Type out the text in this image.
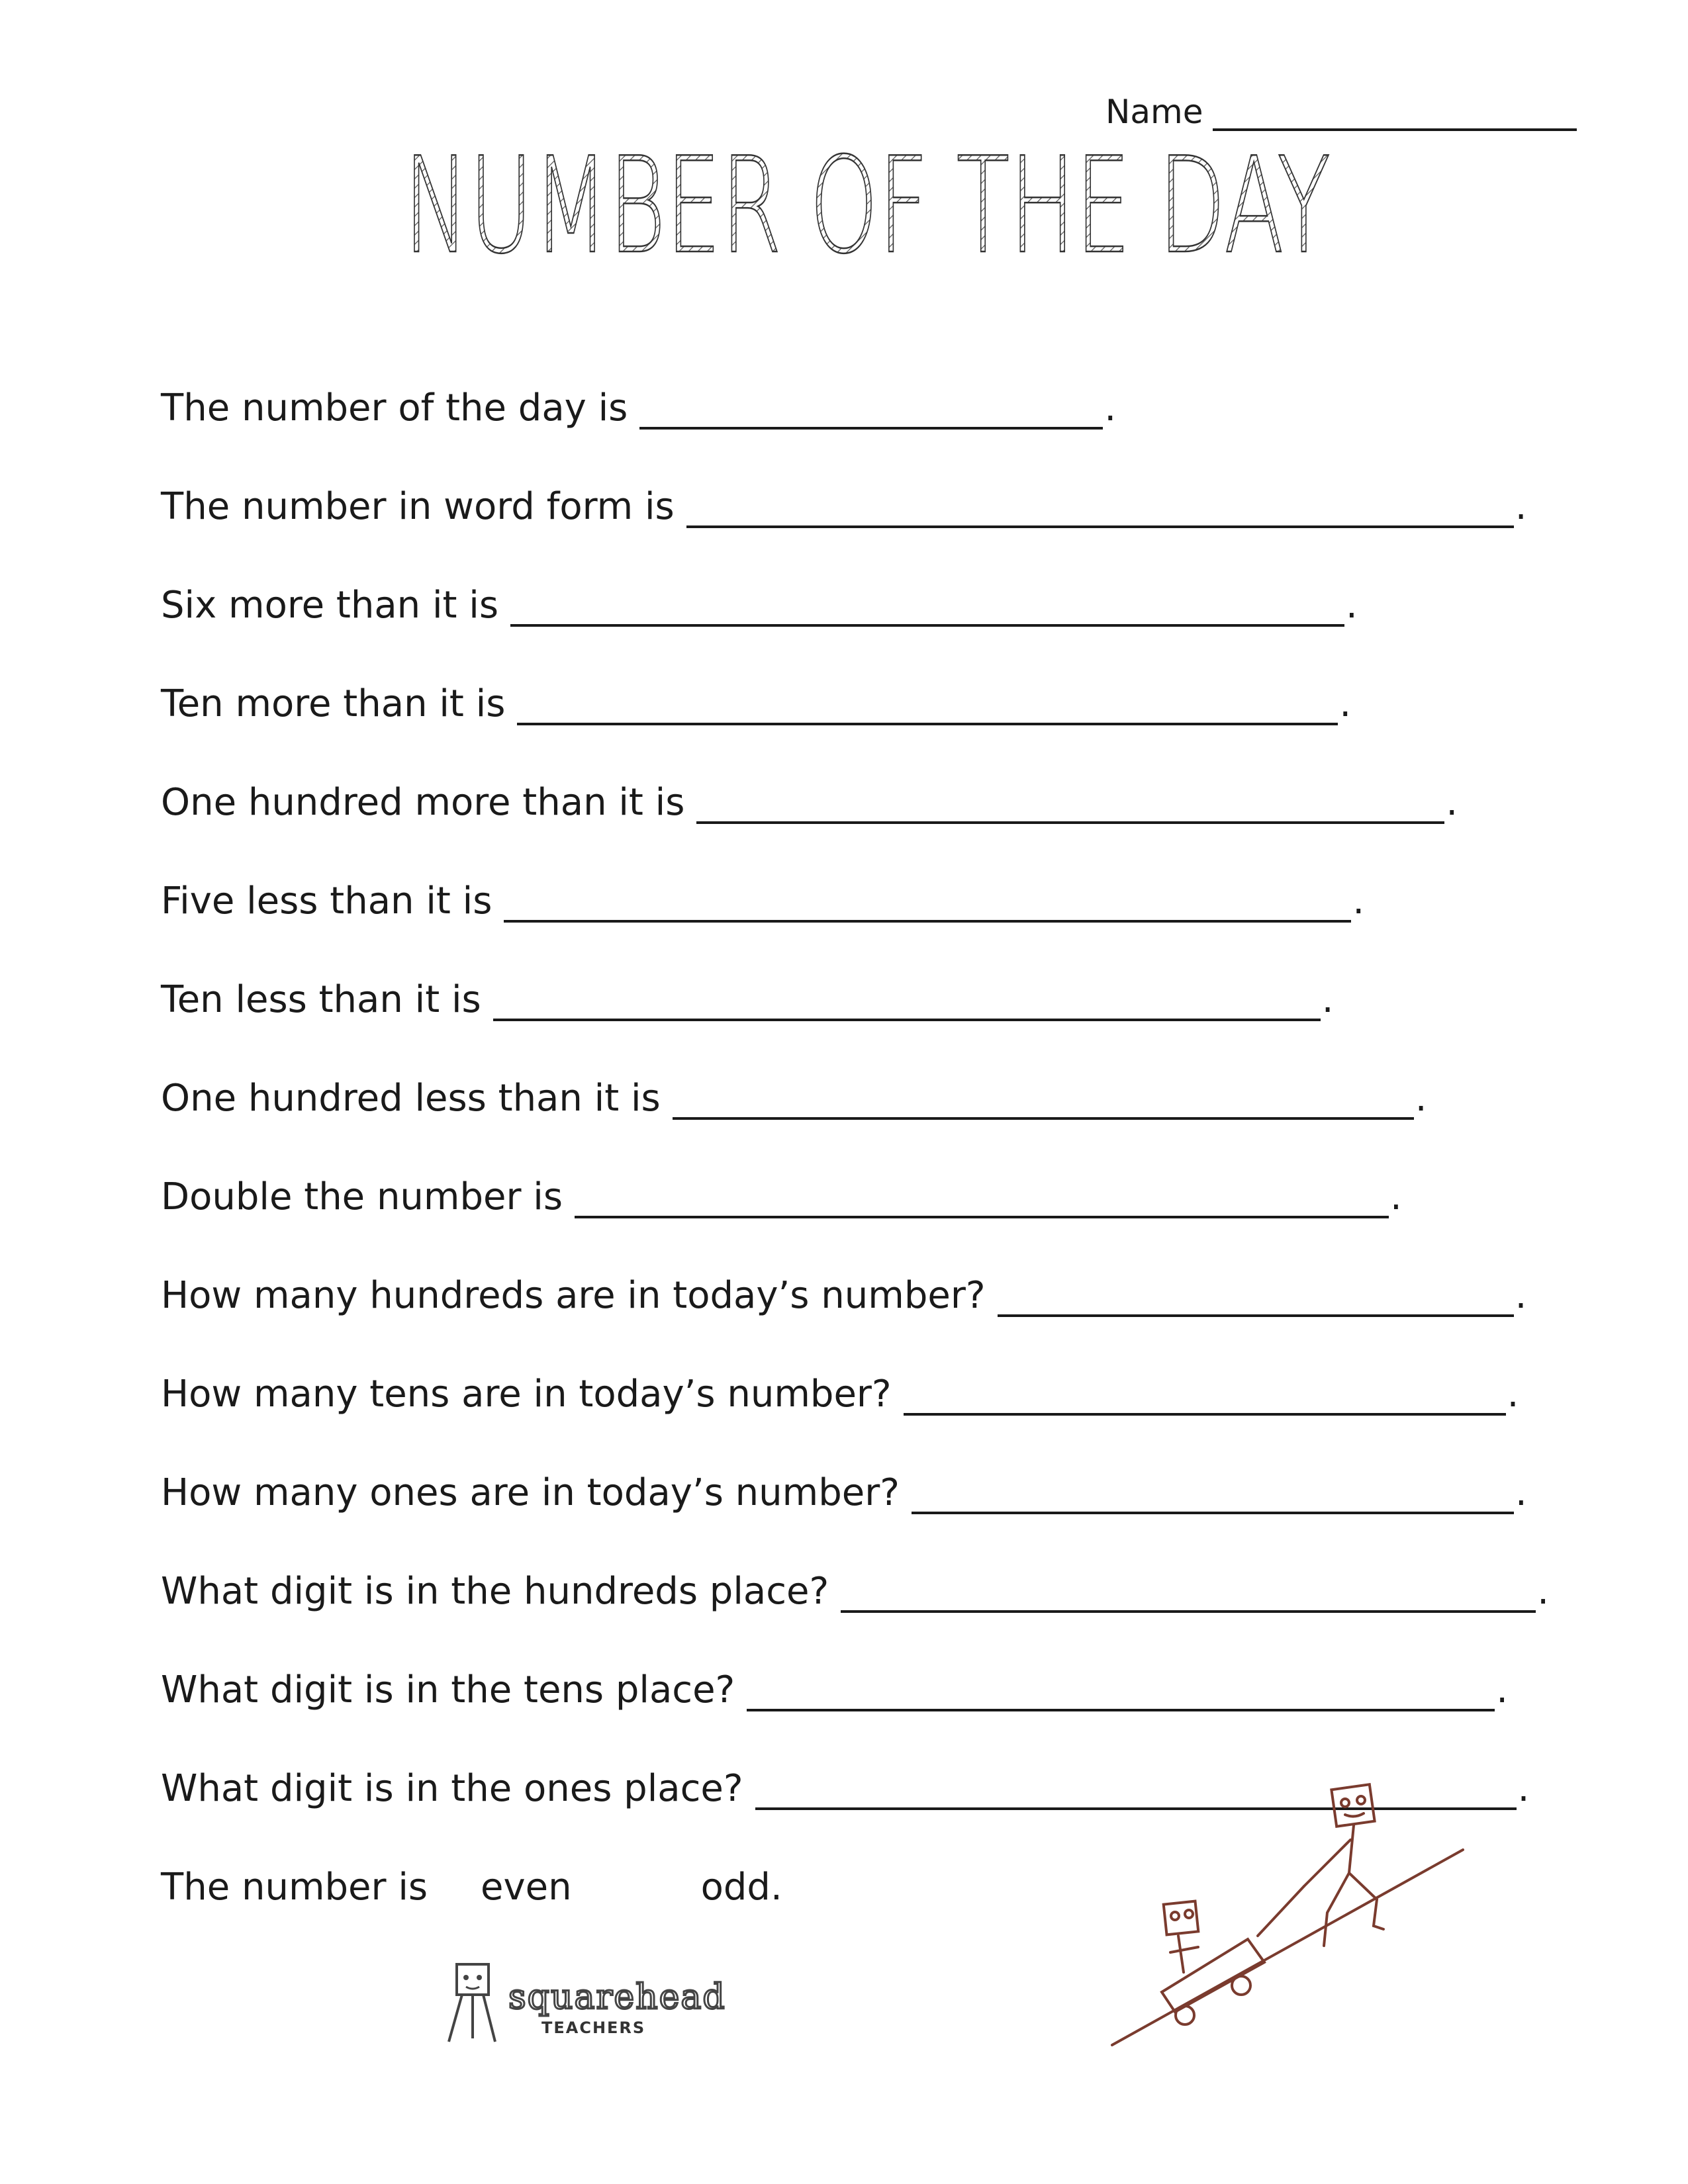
Name
NUMBER OF THE DAY
The number of the day is	.
The number in word form is	.
Six more than it is	.
Ten more than it is	.
One hundred more than it is	.
Five less than it is	.
Ten less than it is	.
One hundred less than it is	.
Double the number is	.
How many hundreds are in today’s number?	.
How many tens are in today’s number?	.
How many ones are in today’s number?	.
What digit is in the hundreds place?	.
What digit is in the tens place?	.
What digit is in the ones place?	.
The number is even	odd.
squarehead
TEACHERS
